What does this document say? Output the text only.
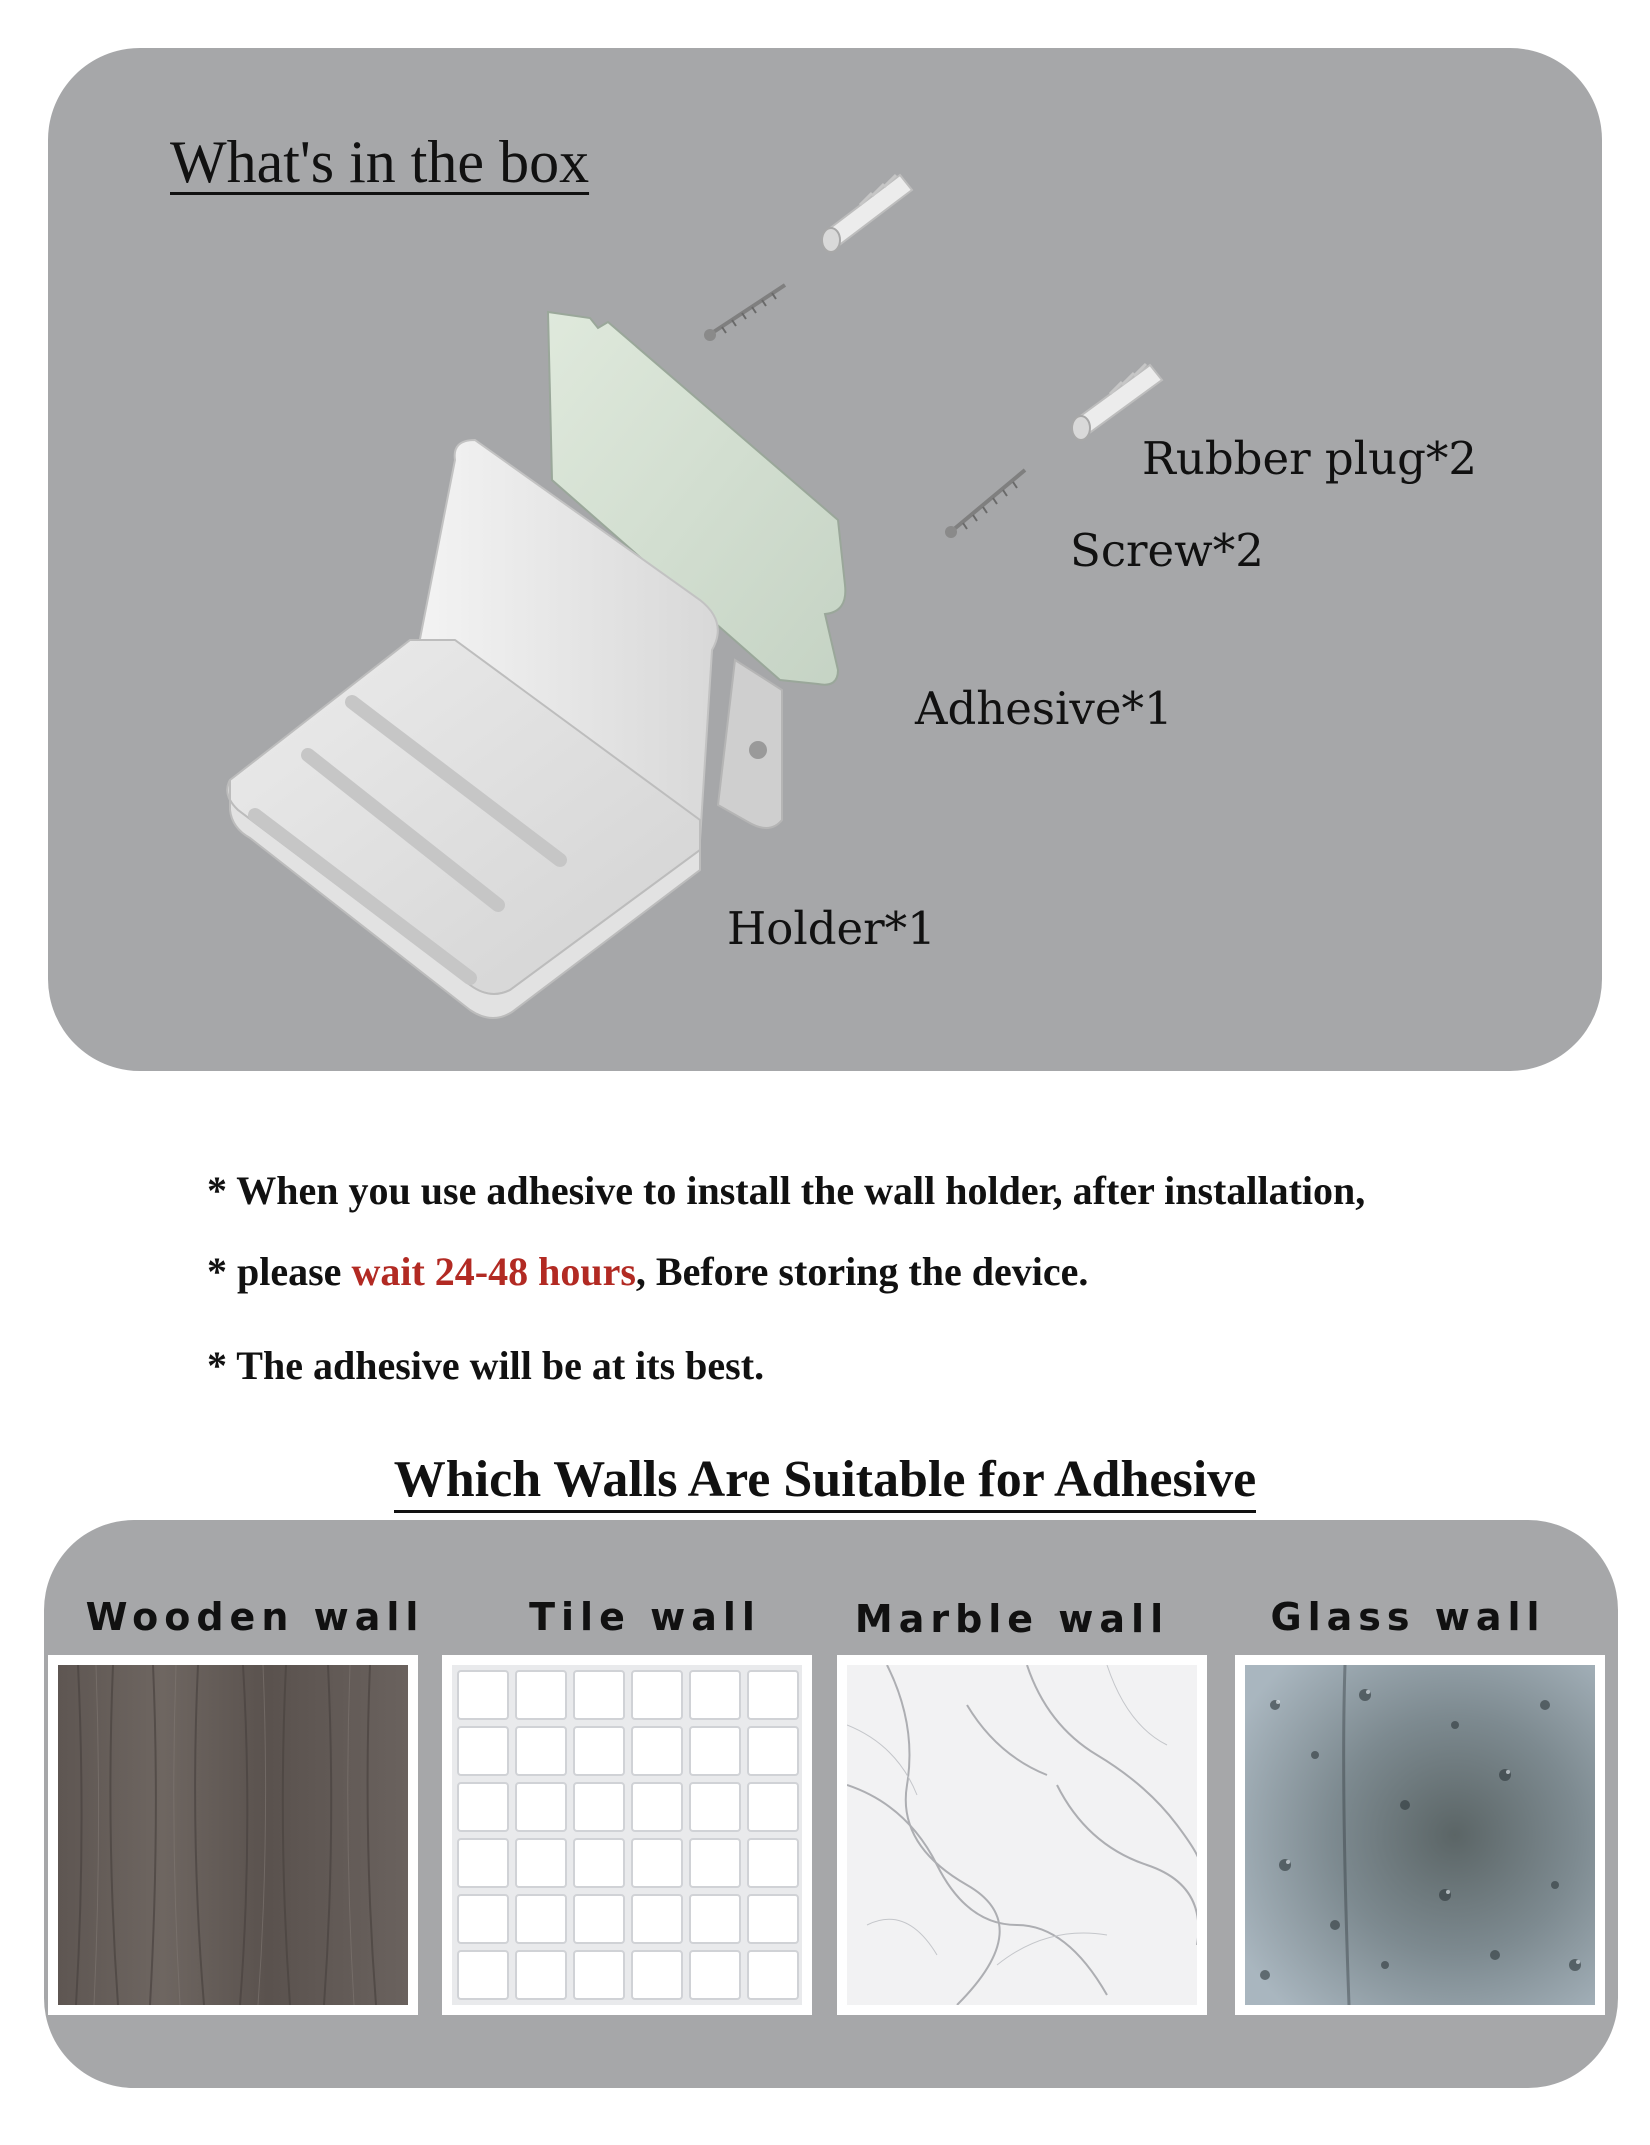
What's in the box
Rubber plug*2
Screw*2
Adhesive*1
Holder*1
* When you use adhesive to install the wall holder, after installation,
* please wait 24-48 hours, Before storing the device.
* The adhesive will be at its best.
Which Walls Are Suitable for Adhesive
Wooden wall	Tile wall	Marble wall	Glass wall
